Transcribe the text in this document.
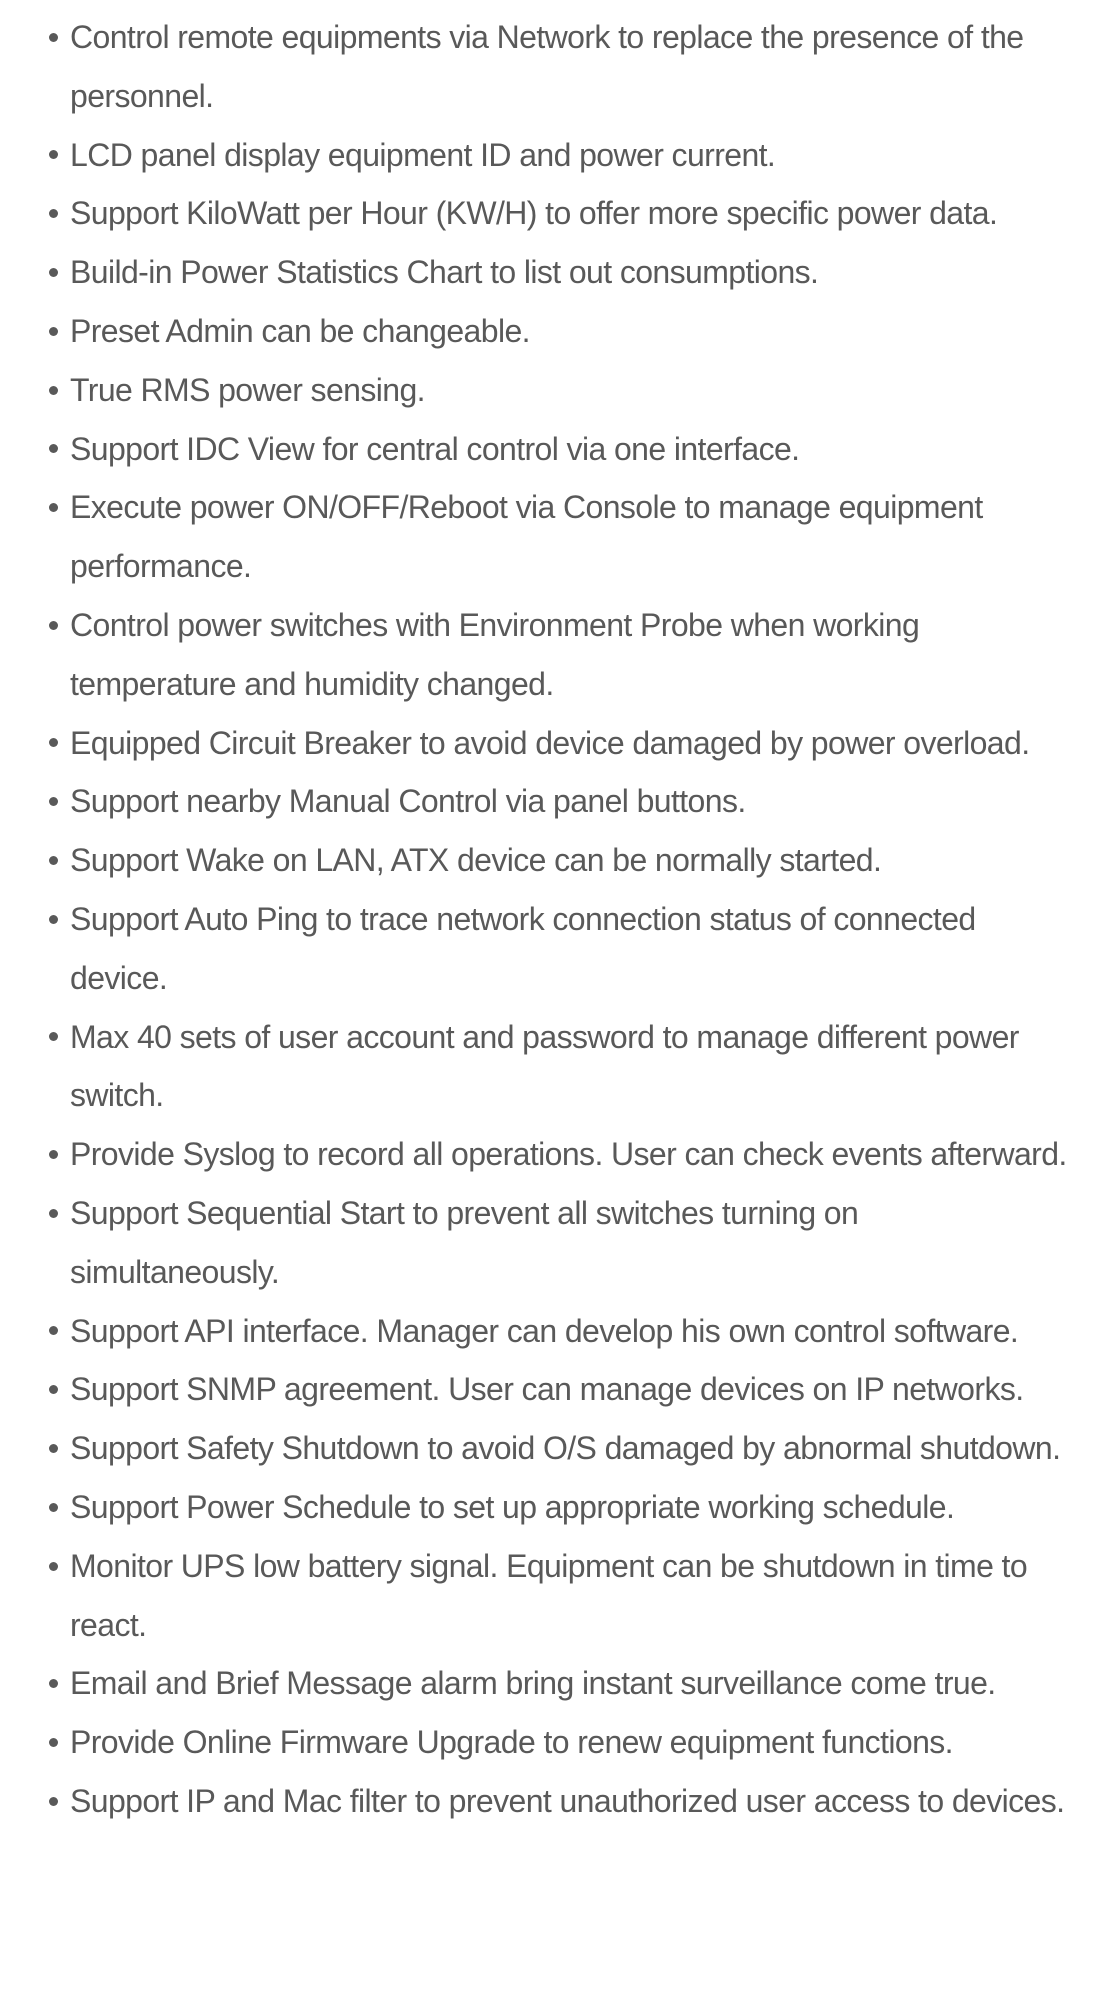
Control remote equipments via Network to replace the presence of the personnel.
LCD panel display equipment ID and power current.
Support KiloWatt per Hour (KW/H) to offer more specific power data.
Build-in Power Statistics Chart to list out consumptions.
Preset Admin can be changeable.
True RMS power sensing.
Support IDC View for central control via one interface.
Execute power ON/OFF/Reboot via Console to manage equipment performance.
Control power switches with Environment Probe when working temperature and humidity changed.
Equipped Circuit Breaker to avoid device damaged by power overload.
Support nearby Manual Control via panel buttons.
Support Wake on LAN, ATX device can be normally started.
Support Auto Ping to trace network connection status of connected device.
Max 40 sets of user account and password to manage different power switch.
Provide Syslog to record all operations. User can check events afterward.
Support Sequential Start to prevent all switches turning on simultaneously.
Support API interface. Manager can develop his own control software.
Support SNMP agreement. User can manage devices on IP networks.
Support Safety Shutdown to avoid O/S damaged by abnormal shutdown.
Support Power Schedule to set up appropriate working schedule.
Monitor UPS low battery signal. Equipment can be shutdown in time to react.
Email and Brief Message alarm bring instant surveillance come true.
Provide Online Firmware Upgrade to renew equipment functions.
Support IP and Mac filter to prevent unauthorized user access to devices.
